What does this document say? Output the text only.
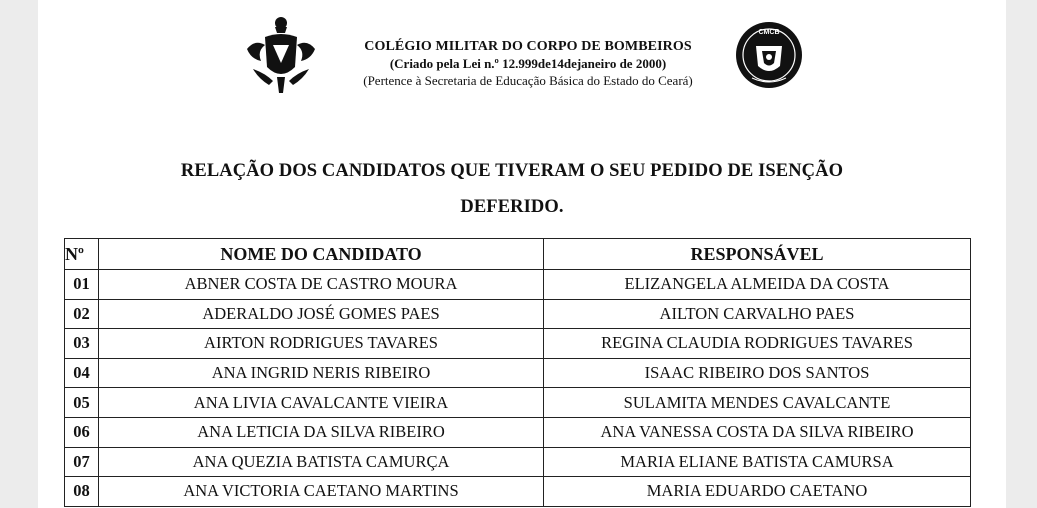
COLÉGIO MILITAR DO CORPO DE BOMBEIROS
(Criado pela Lei n.º 12.999de14dejaneiro de 2000)
(Pertence à Secretaria de Educação Básica do Estado do Ceará)
CMCB
RELAÇÃO DOS CANDIDATOS QUE TIVERAM O SEU PEDIDO DE ISENÇÃO
DEFERIDO.
Nº	NOME DO CANDIDATO	RESPONSÁVEL
01	ABNER COSTA DE CASTRO MOURA	ELIZANGELA ALMEIDA DA COSTA
02	ADERALDO JOSÉ GOMES PAES	AILTON CARVALHO PAES
03	AIRTON RODRIGUES TAVARES	REGINA CLAUDIA RODRIGUES TAVARES
04	ANA INGRID NERIS RIBEIRO	ISAAC RIBEIRO DOS SANTOS
05	ANA LIVIA CAVALCANTE VIEIRA	SULAMITA MENDES CAVALCANTE
06	ANA LETICIA DA SILVA RIBEIRO	ANA VANESSA COSTA DA SILVA RIBEIRO
07	ANA QUEZIA BATISTA CAMURÇA	MARIA ELIANE BATISTA CAMURSA
08	ANA VICTORIA CAETANO MARTINS	MARIA EDUARDO CAETANO
